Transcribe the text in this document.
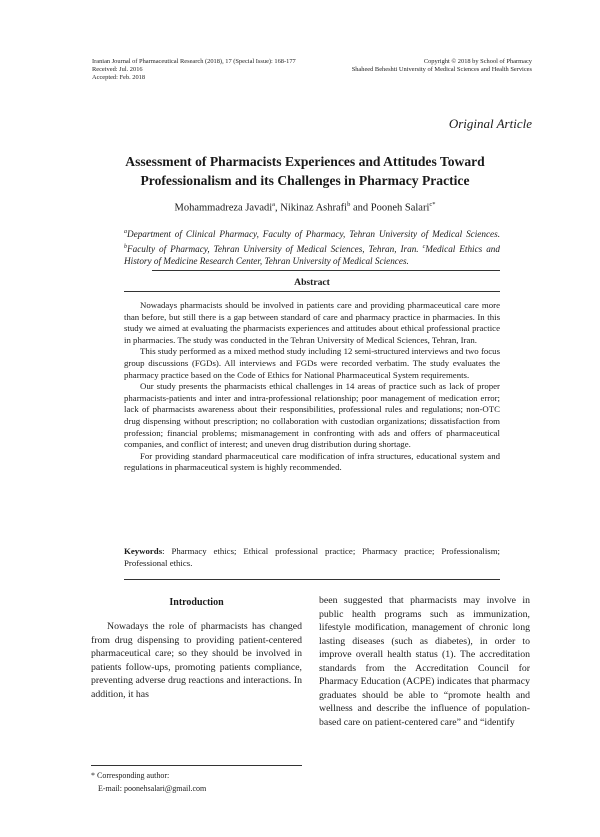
Iranian Journal of Pharmaceutical Research (2018), 17 (Special Issue): 168-177
Received: Jul. 2016
Accepted: Feb. 2018
Copyright © 2018 by School of Pharmacy
Shaheed Beheshti University of Medical Sciences and Health Services
Original Article
Assessment of Pharmacists Experiences and Attitudes Toward Professionalism and its Challenges in Pharmacy Practice
Mohammadreza Javadi$^a$, Nikinaz Ashrafi$^b$ and Pooneh Salari$^{c*}$
$^a$Department of Clinical Pharmacy, Faculty of Pharmacy, Tehran University of Medical Sciences. $^b$Faculty of Pharmacy, Tehran University of Medical Sciences, Tehran, Iran. $^c$Medical Ethics and History of Medicine Research Center, Tehran University of Medical Sciences.
Abstract

Nowadays pharmacists should be involved in patients care and providing pharmaceutical care more than before, but still there is a gap between standard of care and pharmacy practice in pharmacies. In this study we aimed at evaluating the pharmacists experiences and attitudes about ethical professional practice in pharmacies. The study was conducted in the Tehran University of Medical Sciences, Tehran, Iran.

This study performed as a mixed method study including 12 semi-structured interviews and two focus group discussions (FGDs). All interviews and FGDs were recorded verbatim. The study evaluates the pharmacy practice based on the Code of Ethics for National Pharmaceutical System requirements.

Our study presents the pharmacists ethical challenges in 14 areas of practice such as lack of proper pharmacists-patients and inter and intra-professional relationship; poor management of medication error; lack of pharmacists awareness about their responsibilities, professional rules and regulations; non-OTC drug dispensing without prescription; no collaboration with custodian organizations; dissatisfaction from profession; financial problems; mismanagement in confronting with ads and offers of pharmaceutical companies, and conflict of interest; and uneven drug distribution during shortage.

For providing standard pharmaceutical care modification of infra structures, educational system and regulations in pharmaceutical system is highly recommended.

Keywords: Pharmacy ethics; Ethical professional practice; Pharmacy practice; Professionalism; Professional ethics.
Introduction

Nowadays the role of pharmacists has changed from drug dispensing to providing patient-centered pharmaceutical care; so they should be involved in patients follow-ups, promoting patients compliance, preventing adverse drug reactions and interactions. In addition, it has

been suggested that pharmacists may involve in public health programs such as immunization, lifestyle modification, management of chronic long lasting diseases (such as diabetes), in order to improve overall health status (1). The accreditation standards from the Accreditation Council for Pharmacy Education (ACPE) indicates that pharmacy graduates should be able to “promote health and wellness and describe the influence of population-based care on patient-centered care” and “identify

* Corresponding author:
E-mail: poonehsalari@gmail.com
